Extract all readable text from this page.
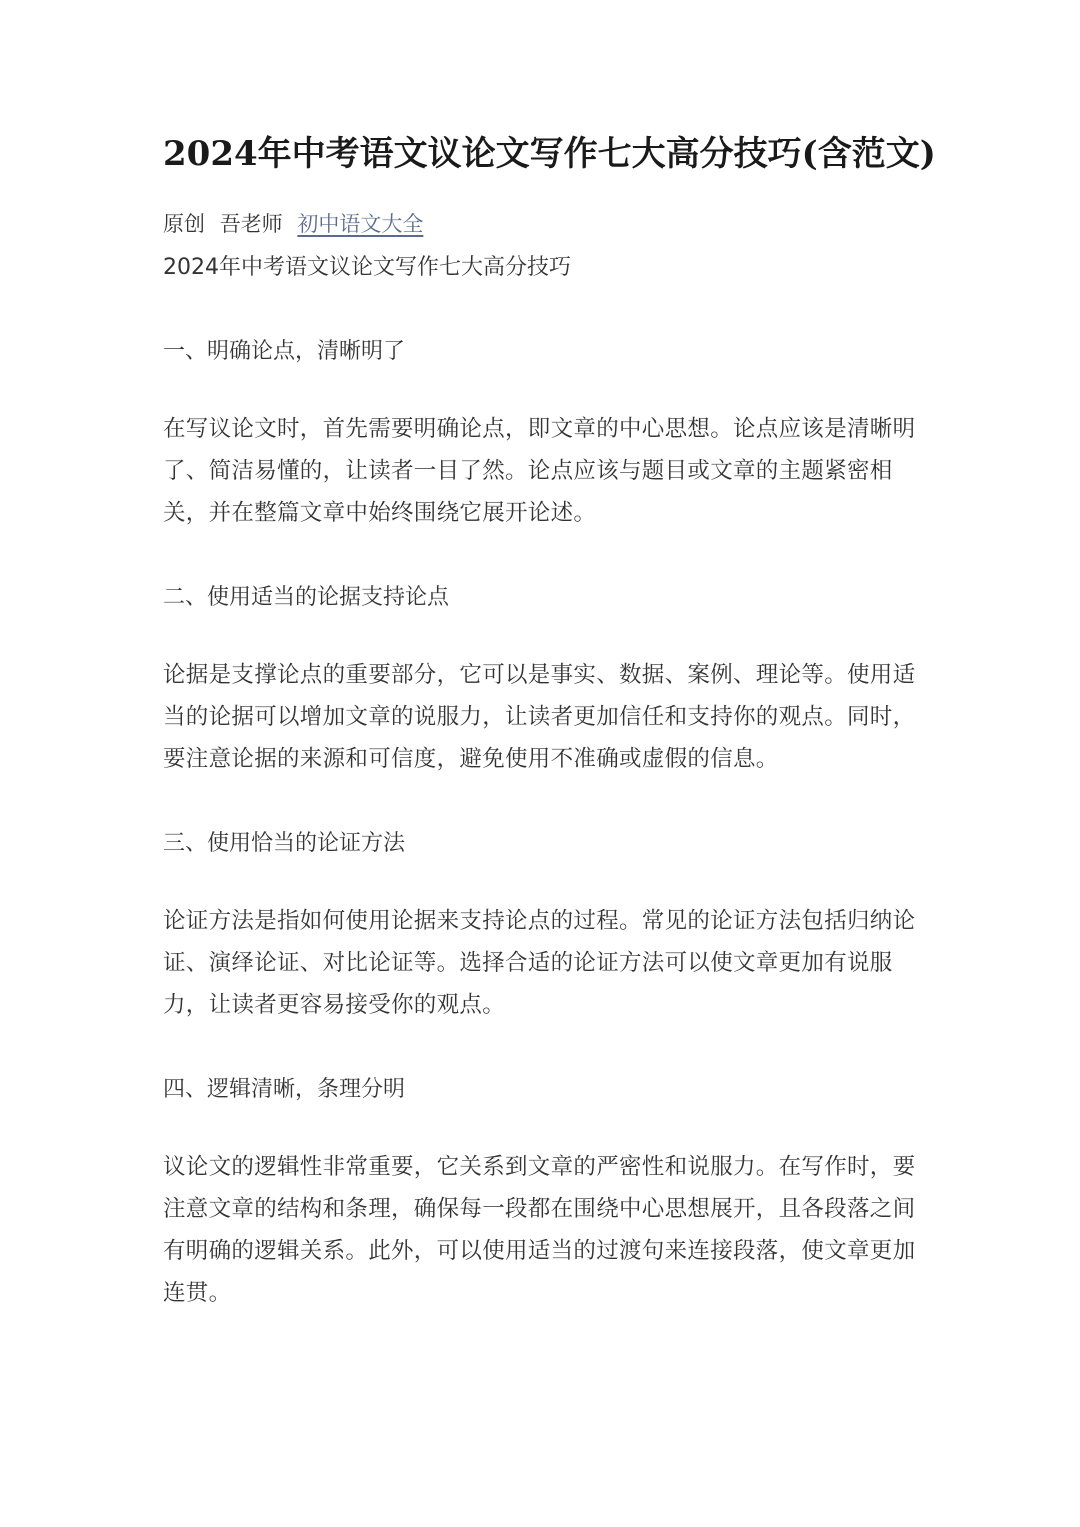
2024年中考语文议论文写作七大高分技巧(含范文)
原创 吾老师 初中语文大全
2024年中考语文议论文写作七大高分技巧
一、明确论点，清晰明了

在写议论文时，首先需要明确论点，即文章的中心思想。论点应该是清晰明了、简洁易懂的，让读者一目了然。论点应该与题目或文章的主题紧密相关，并在整篇文章中始终围绕它展开论述。

二、使用适当的论据支持论点

论据是支撑论点的重要部分，它可以是事实、数据、案例、理论等。使用适当的论据可以增加文章的说服力，让读者更加信任和支持你的观点。同时，要注意论据的来源和可信度，避免使用不准确或虚假的信息。

三、使用恰当的论证方法

论证方法是指如何使用论据来支持论点的过程。常见的论证方法包括归纳论证、演绎论证、对比论证等。选择合适的论证方法可以使文章更加有说服力，让读者更容易接受你的观点。

四、逻辑清晰，条理分明

议论文的逻辑性非常重要，它关系到文章的严密性和说服力。在写作时，要注意文章的结构和条理，确保每一段都在围绕中心思想展开，且各段落之间有明确的逻辑关系。此外，可以使用适当的过渡句来连接段落，使文章更加连贯。
